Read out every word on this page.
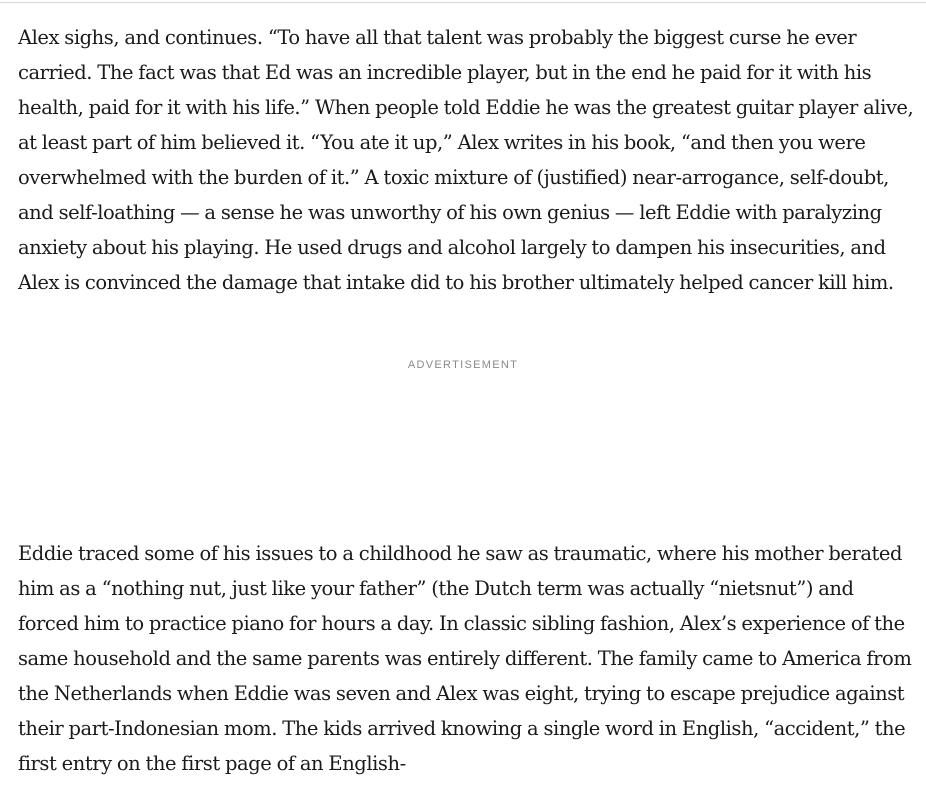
Alex sighs, and continues. “To have all that talent was probably the biggest curse he ever carried. The fact was that Ed was an incredible player, but in the end he paid for it with his health, paid for it with his life.” When people told Eddie he was the greatest guitar player alive, at least part of him believed it. “You ate it up,” Alex writes in his book, “and then you were overwhelmed with the burden of it.” A toxic mixture of (justified) near-arrogance, self-doubt, and self-loathing — a sense he was unworthy of his own genius — left Eddie with paralyzing anxiety about his playing. He used drugs and alcohol largely to dampen his insecurities, and Alex is convinced the damage that intake did to his brother ultimately helped cancer kill him.

ADVERTISEMENT

Eddie traced some of his issues to a childhood he saw as traumatic, where his mother berated him as a “nothing nut, just like your father” (the Dutch term was actually “nietsnut”) and forced him to practice piano for hours a day. In classic sibling fashion, Alex’s experience of the same household and the same parents was entirely different. The family came to America from the Netherlands when Eddie was seven and Alex was eight, trying to escape prejudice against their part-Indonesian mom. The kids arrived knowing a single word in English, “accident,” the first entry on the first page of an English-
